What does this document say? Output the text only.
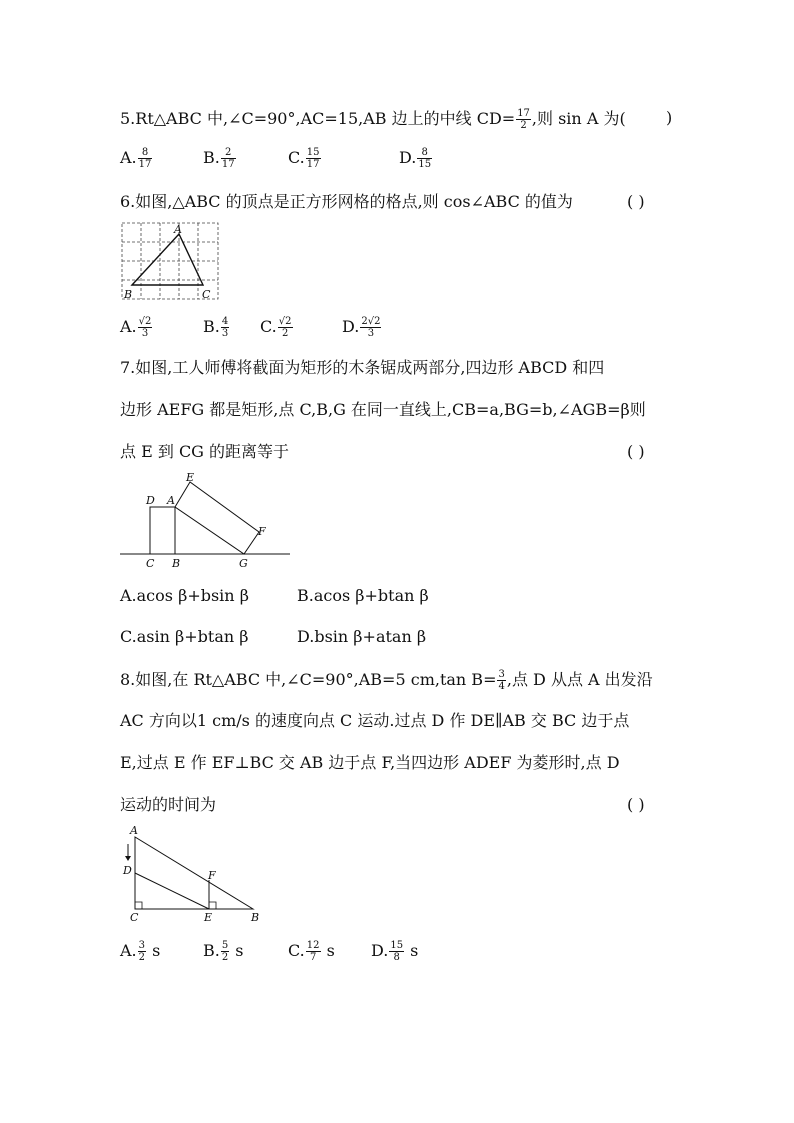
5.Rt△ABC 中,∠C=90°,AC=15,AB 边上的中线 $CD= \frac{17}{2}$ ,则 sin A 为(	)
A. $\frac{8}{17}$	B. $\frac{2}{17}$	C. $\frac{15}{17}$	D. $\frac{8}{15}$
6.如图,△ABC 的顶点是正方形网格的格点,则 cos∠ABC 的值为	( )
A
B	C
A. $\frac{√2}{3}$	B. $\frac{4}{3} C$. $\frac{√2}{2}$	D. $\frac{2√2}{3}$
7.如图,工人师傅将截面为矩形的木条锯成两部分,四边形 ABCD 和四
边形 AEFG 都是矩形,点 C,B,G 在同一直线上,CB=a,BG=b,∠AGB=β则
点 E 到 CG 的距离等于	( )
D A
E
F
C B	G
A.acos β+bsin β	B.acos β+btan β
C.asin β+btan β	D.bsin β+atan β
8.如图,在 Rt△ABC 中,∠C=90°,AB=5 cm,tan $B= \frac{3}{4}$ ,点 D 从点 A 出发沿
AC 方向以1 cm/s 的速度向点 C 运动.过点 D 作 DE∥AB 交 BC 边于点
E,过点 E 作 EF⊥BC 交 AB 边于点 F,当四边形 ADEF 为菱形时,点 D
运动的时间为	( )
A
D	F
C	E	B
A. $\frac{3}{2}$ s	B. $\frac{5}{2}$ s	C. $\frac{12}{7}$ s D. $\frac{15}{8}$ s
